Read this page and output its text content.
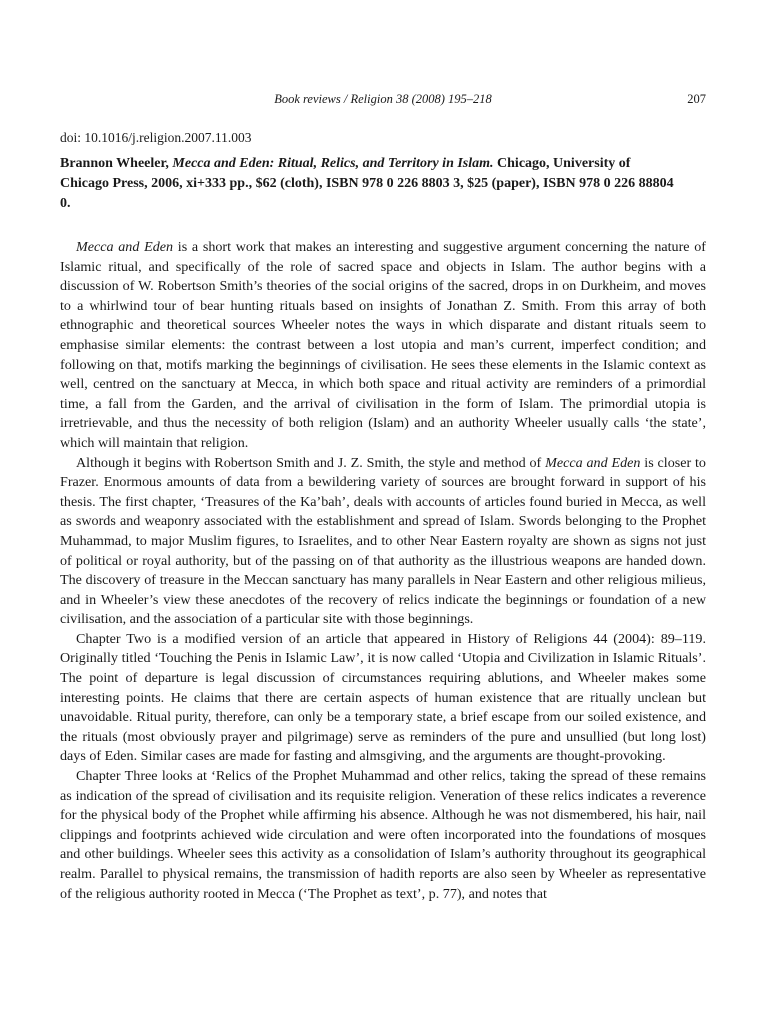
Book reviews / Religion 38 (2008) 195–218	207
doi: 10.1016/j.religion.2007.11.003
Brannon Wheeler, Mecca and Eden: Ritual, Relics, and Territory in Islam. Chicago, University of Chicago Press, 2006, xi+333 pp., $62 (cloth), ISBN 978 0 226 8803 3, $25 (paper), ISBN 978 0 226 88804 0.

Mecca and Eden is a short work that makes an interesting and suggestive argument concerning the nature of Islamic ritual, and specifically of the role of sacred space and objects in Islam. The author begins with a discussion of W. Robertson Smith’s theories of the social origins of the sacred, drops in on Durkheim, and moves to a whirlwind tour of bear hunting rituals based on insights of Jonathan Z. Smith. From this array of both ethnographic and theoretical sources Wheeler notes the ways in which disparate and distant rituals seem to emphasise similar elements: the contrast between a lost utopia and man’s current, imperfect condition; and following on that, motifs marking the beginnings of civilisation. He sees these elements in the Islamic context as well, centred on the sanctuary at Mecca, in which both space and ritual activity are reminders of a primordial time, a fall from the Garden, and the arrival of civilisation in the form of Islam. The primordial utopia is irretrievable, and thus the necessity of both religion (Islam) and an authority Wheeler usually calls ‘the state’, which will maintain that religion.

Although it begins with Robertson Smith and J. Z. Smith, the style and method of Mecca and Eden is closer to Frazer. Enormous amounts of data from a bewildering variety of sources are brought forward in support of his thesis. The first chapter, ‘Treasures of the Ka’bah’, deals with accounts of articles found buried in Mecca, as well as swords and weaponry associated with the establishment and spread of Islam. Swords belonging to the Prophet Muhammad, to major Muslim figures, to Israelites, and to other Near Eastern royalty are shown as signs not just of political or royal authority, but of the passing on of that authority as the illustrious weapons are handed down. The discovery of treasure in the Meccan sanctuary has many parallels in Near Eastern and other religious milieus, and in Wheeler’s view these anecdotes of the recovery of relics indicate the beginnings or foundation of a new civilisation, and the association of a particular site with those beginnings.

Chapter Two is a modified version of an article that appeared in History of Religions 44 (2004): 89–119. Originally titled ‘Touching the Penis in Islamic Law’, it is now called ‘Utopia and Civilization in Islamic Rituals’. The point of departure is legal discussion of circumstances requiring ablutions, and Wheeler makes some interesting points. He claims that there are certain aspects of human existence that are ritually unclean but unavoidable. Ritual purity, therefore, can only be a temporary state, a brief escape from our soiled existence, and the rituals (most obviously prayer and pilgrimage) serve as reminders of the pure and unsullied (but long lost) days of Eden. Similar cases are made for fasting and almsgiving, and the arguments are thought-provoking.

Chapter Three looks at ‘Relics of the Prophet Muhammad and other relics, taking the spread of these remains as indication of the spread of civilisation and its requisite religion. Veneration of these relics indicates a reverence for the physical body of the Prophet while affirming his absence. Although he was not dismembered, his hair, nail clippings and footprints achieved wide circulation and were often incorporated into the foundations of mosques and other buildings. Wheeler sees this activity as a consolidation of Islam’s authority throughout its geographical realm. Parallel to physical remains, the transmission of hadith reports are also seen by Wheeler as representative of the religious authority rooted in Mecca (‘The Prophet as text’, p. 77), and notes that
